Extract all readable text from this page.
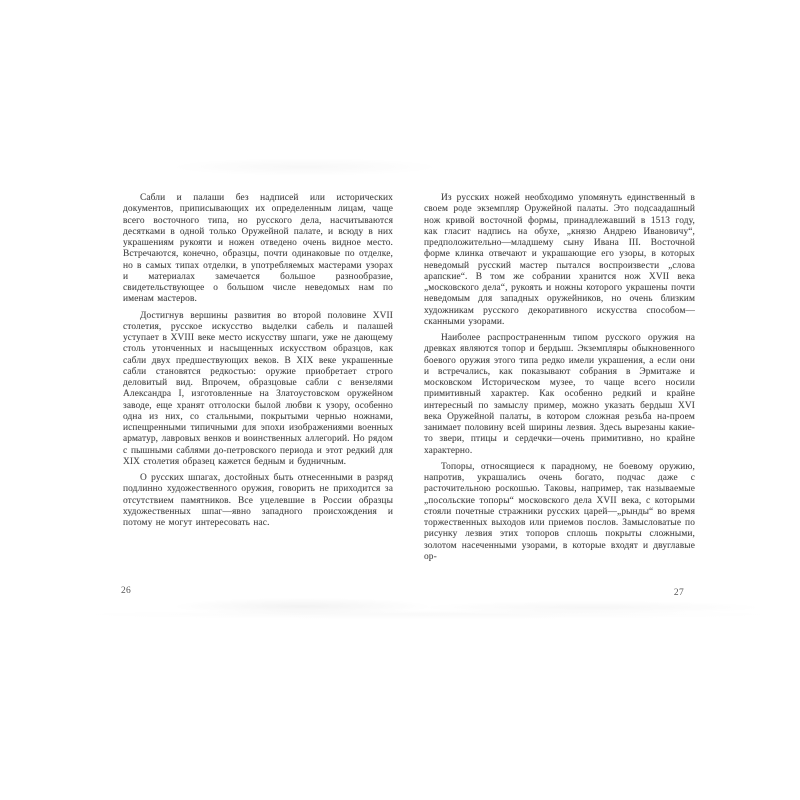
Сабли и палаши без надписей или исторических документов, приписывающих их определенным лицам, чаще всего восточного типа, но русского дела, насчитываются десятками в одной только Оружейной палате, и всюду в них украшениям рукояти и ножен отведено очень видное место. Встречаются, конечно, образцы, почти одинаковые по отделке, но в самых типах отделки, в употребляемых мастерами узорах и материалах замечается большое разнообразие, свидетельствующее о большом числе неведомых нам по именам мастеров.

Достигнув вершины развития во второй половине XVII столетия, русское искусство выделки сабель и палашей уступает в XVIII веке место искусству шпаги, уже не дающему столь утонченных и насыщенных искусством образцов, как сабли двух предшествующих веков. В XIX веке украшенные сабли становятся редкостью: оружие приобретает строго деловитый вид. Впрочем, образцовые сабли с вензелями Александра I, изготовленные на Златоустовском оружейном заводе, еще хранят отголоски былой любви к узору, особенно одна из них, со стальными, покрытыми чернью ножнами, испещренными типичными для эпохи изображениями военных арматур, лавровых венков и воинственных аллегорий. Но рядом с пышными саблями до-петровского периода и этот редкий для XIX столетия образец кажется бедным и будничным.

О русских шпагах, достойных быть отнесенными в разряд подлинно художественного оружия, говорить не приходится за отсутствием памятников. Все уцелевшие в России образцы художественных шпаг—явно западного происхождения и потому не могут интересовать нас.

Из русских ножей необходимо упомянуть единственный в своем роде экземпляр Оружейной палаты. Это подсаадашный нож кривой восточной формы, принадлежавший в 1513 году, как гласит надпись на обухе, „князю Андрею Ивановичу“, предположительно—младшему сыну Ивана III. Восточной форме клинка отвечают и украшающие его узоры, в которых неведомый русский мастер пытался воспроизвести „слова арапские“. В том же собрании хранится нож XVII века „московского дела“, рукоять и ножны которого украшены почти неведомым для западных оружейников, но очень близким художникам русского декоративного искусства способом—сканными узорами.

Наиболее распространенным типом русского оружия на древках являются топор и бердыш. Экземпляры обыкновенного боевого оружия этого типа редко имели украшения, а если они и встречались, как показывают собрания в Эрмитаже и московском Историческом музее, то чаще всего носили примитивный характер. Как особенно редкий и крайне интересный по замыслу пример, можно указать бердыш XVI века Оружейной палаты, в котором сложная резьба на-проем занимает половину всей ширины лезвия. Здесь вырезаны какие-то звери, птицы и сердечки—очень примитивно, но крайне характерно.

Топоры, относящиеся к парадному, не боевому оружию, напротив, украшались очень богато, подчас даже с расточительною роскошью. Таковы, например, так называемые „посольские топоры“ московского дела XVII века, с которыми стояли почетные стражники русских царей—„рынды“ во время торжественных выходов или приемов послов. Замысловатые по рисунку лезвия этих топоров сплошь покрыты сложными, золотом насеченными узорами, в которые входят и двуглавые ор-

26	27
